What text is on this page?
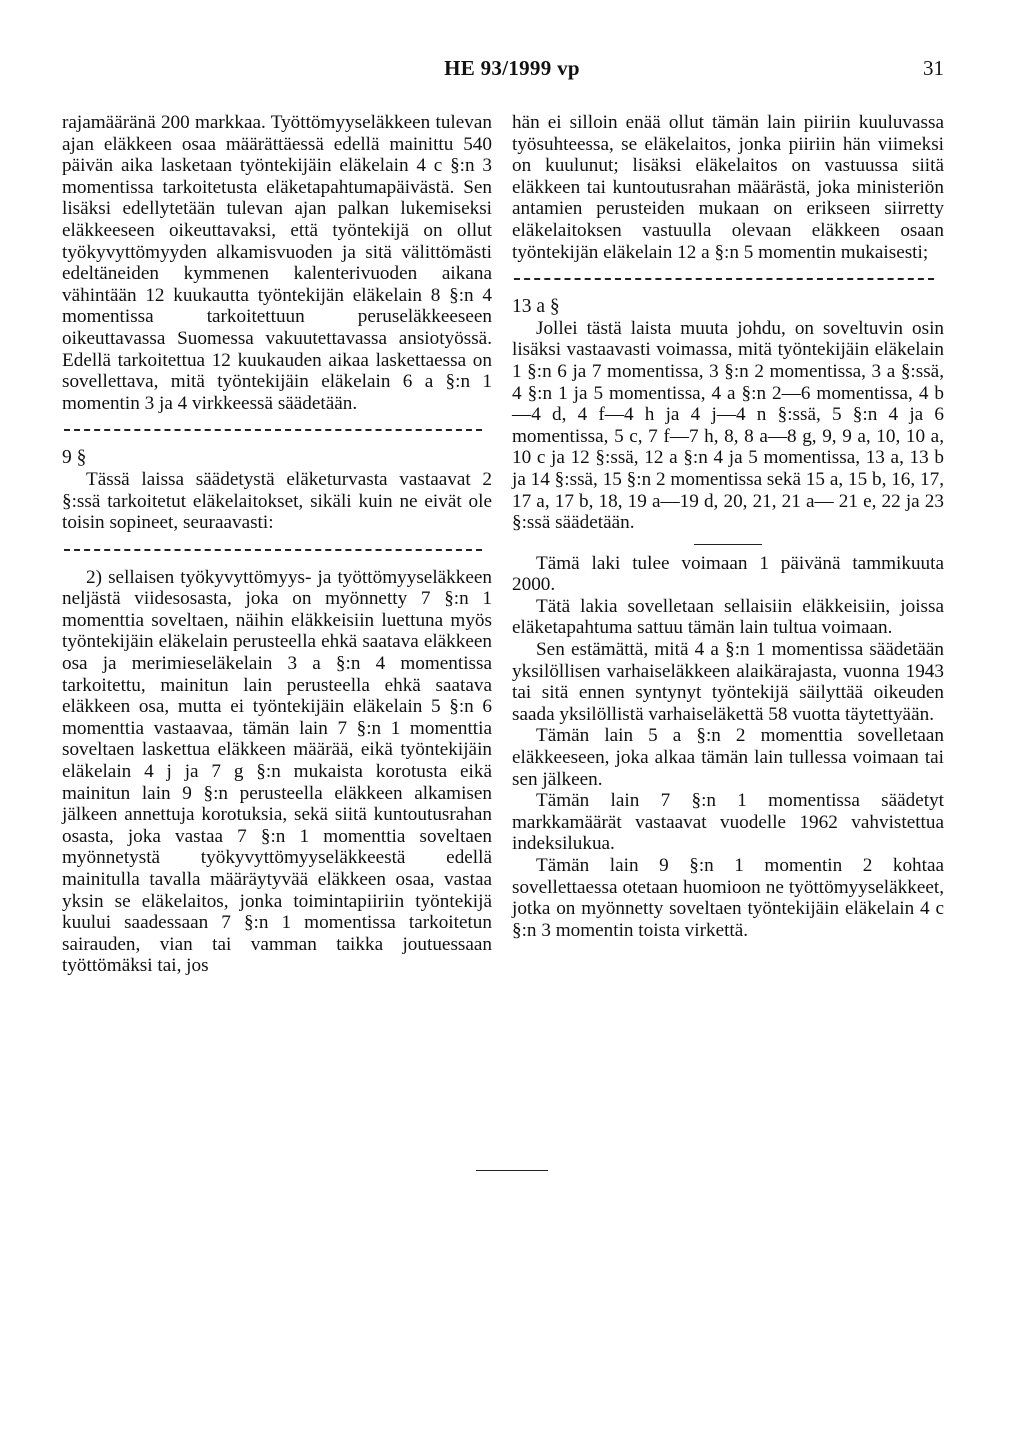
HE 93/1999 vp	31

rajamääränä 200 markkaa. Työttömyyseläkkeen tulevan ajan eläkkeen osaa määrättäessä edellä mainittu 540 päivän aika lasketaan työntekijäin eläkelain 4 c §:n 3 momentissa tarkoitetusta eläketapahtumapäivästä. Sen lisäksi edellytetään tulevan ajan palkan lukemiseksi eläkkeeseen oikeuttavaksi, että työntekijä on ollut työkyvyttömyyden alkamisvuoden ja sitä välittömästi edeltäneiden kymmenen kalenterivuoden aikana vähintään 12 kuukautta työntekijän eläkelain 8 §:n 4 momentissa tarkoitettuun peruseläkkeeseen oikeuttavassa Suomessa vakuutettavassa ansiotyössä. Edellä tarkoitettua 12 kuukauden aikaa laskettaessa on sovellettava, mitä työntekijäin eläkelain 6 a §:n 1 momentin 3 ja 4 virkkeessä säädetään.

9 §

Tässä laissa säädetystä eläketurvasta vastaavat 2 §:ssä tarkoitetut eläkelaitokset, sikäli kuin ne eivät ole toisin sopineet, seuraavasti:

2) sellaisen työkyvyttömyys- ja työttömyyseläkkeen neljästä viidesosasta, joka on myönnetty 7 §:n 1 momenttia soveltaen, näihin eläkkeisiin luettuna myös työntekijäin eläkelain perusteella ehkä saatava eläkkeen osa ja merimieseläkelain 3 a §:n 4 momentissa tarkoitettu, mainitun lain perusteella ehkä saatava eläkkeen osa, mutta ei työntekijäin eläkelain 5 §:n 6 momenttia vastaavaa, tämän lain 7 §:n 1 momenttia soveltaen laskettua eläkkeen määrää, eikä työntekijäin eläkelain 4 j ja 7 g §:n mukaista korotusta eikä mainitun lain 9 §:n perusteella eläkkeen alkamisen jälkeen annettuja korotuksia, sekä siitä kuntoutusrahan osasta, joka vastaa 7 §:n 1 momenttia soveltaen myönnetystä työkyvyttömyyseläkkeestä edellä mainitulla tavalla määräytyvää eläkkeen osaa, vastaa yksin se eläkelaitos, jonka toimintapiiriin työntekijä kuului saadessaan 7 §:n 1 momentissa tarkoitetun sairauden, vian tai vamman taikka joutuessaan työttömäksi tai, jos

hän ei silloin enää ollut tämän lain piiriin kuuluvassa työsuhteessa, se eläkelaitos, jonka piiriin hän viimeksi on kuulunut; lisäksi eläkelaitos on vastuussa siitä eläkkeen tai kuntoutusrahan määrästä, joka ministeriön antamien perusteiden mukaan on erikseen siirretty eläkelaitoksen vastuulla olevaan eläkkeen osaan työntekijän eläkelain 12 a §:n 5 momentin mukaisesti;

13 a §

Jollei tästä laista muuta johdu, on soveltuvin osin lisäksi vastaavasti voimassa, mitä työntekijäin eläkelain 1 §:n 6 ja 7 momentissa, 3 §:n 2 momentissa, 3 a §:ssä, 4 §:n 1 ja 5 momentissa, 4 a §:n 2—6 momentissa, 4 b—4 d, 4 f—4 h ja 4 j—4 n §:ssä, 5 §:n 4 ja 6 momentissa, 5 c, 7 f—7 h, 8, 8 a—8 g, 9, 9 a, 10, 10 a, 10 c ja 12 §:ssä, 12 a §:n 4 ja 5 momentissa, 13 a, 13 b ja 14 §:ssä, 15 §:n 2 momentissa sekä 15 a, 15 b, 16, 17, 17 a, 17 b, 18, 19 a—19 d, 20, 21, 21 a— 21 e, 22 ja 23 §:ssä säädetään.

Tämä laki tulee voimaan 1 päivänä tammikuuta 2000.

Tätä lakia sovelletaan sellaisiin eläkkeisiin, joissa eläketapahtuma sattuu tämän lain tultua voimaan.

Sen estämättä, mitä 4 a §:n 1 momentissa säädetään yksilöllisen varhaiseläkkeen alaikärajasta, vuonna 1943 tai sitä ennen syntynyt työntekijä säilyttää oikeuden saada yksilöllistä varhaiseläkettä 58 vuotta täytettyään.

Tämän lain 5 a §:n 2 momenttia sovelletaan eläkkeeseen, joka alkaa tämän lain tullessa voimaan tai sen jälkeen.

Tämän lain 7 §:n 1 momentissa säädetyt markkamäärät vastaavat vuodelle 1962 vahvistettua indeksilukua.

Tämän lain 9 §:n 1 momentin 2 kohtaa sovellettaessa otetaan huomioon ne työttömyyseläkkeet, jotka on myönnetty soveltaen työntekijäin eläkelain 4 c §:n 3 momentin toista virkettä.
